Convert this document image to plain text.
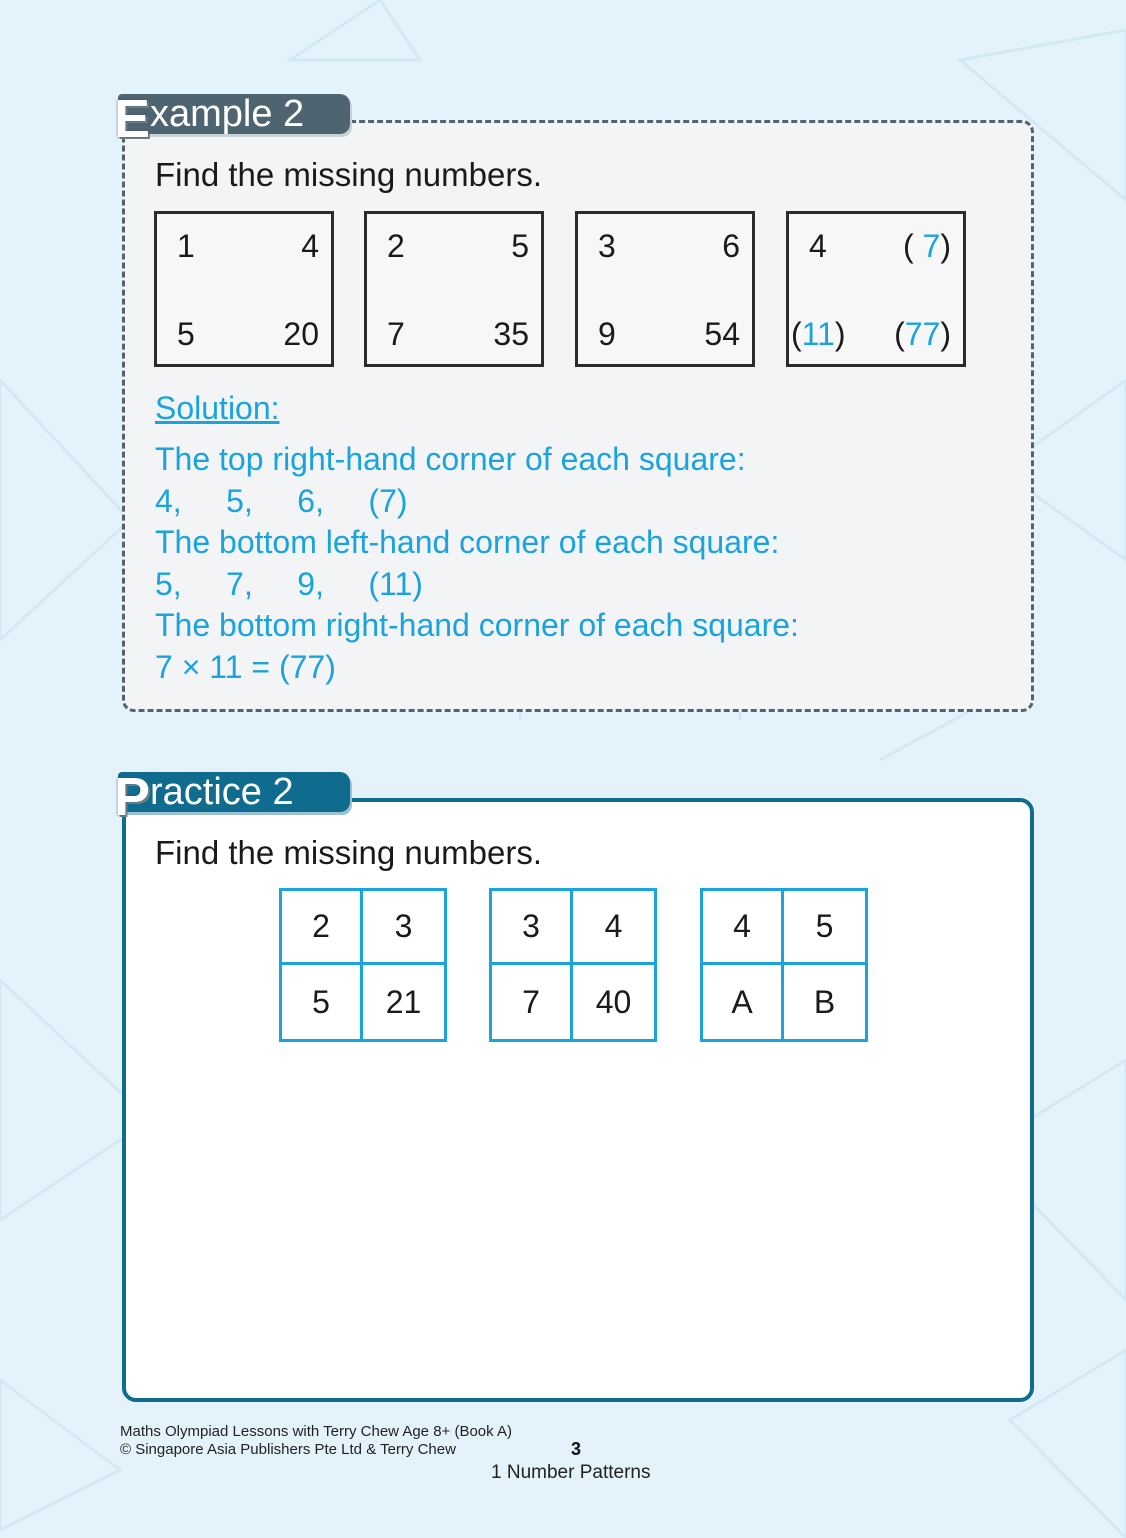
E xample 2
Find the missing numbers.
1	4
5	20
2	5
7	35
3	6
9	54
4 ( 7)
(11) (77)
Solution:
The top right-hand corner of each square:
4,     5,     6,     (7)
The bottom left-hand corner of each square:
5,     7,     9,     (11)
The bottom right-hand corner of each square:
7 × 11 = (77)
P ractice 2
Find the missing numbers.
2	3
5	21
3	4
7	40
4	5
A	B
Maths Olympiad Lessons with Terry Chew Age 8+ (Book A)
© Singapore Asia Publishers Pte Ltd & Terry Chew	3
1 Number Patterns
